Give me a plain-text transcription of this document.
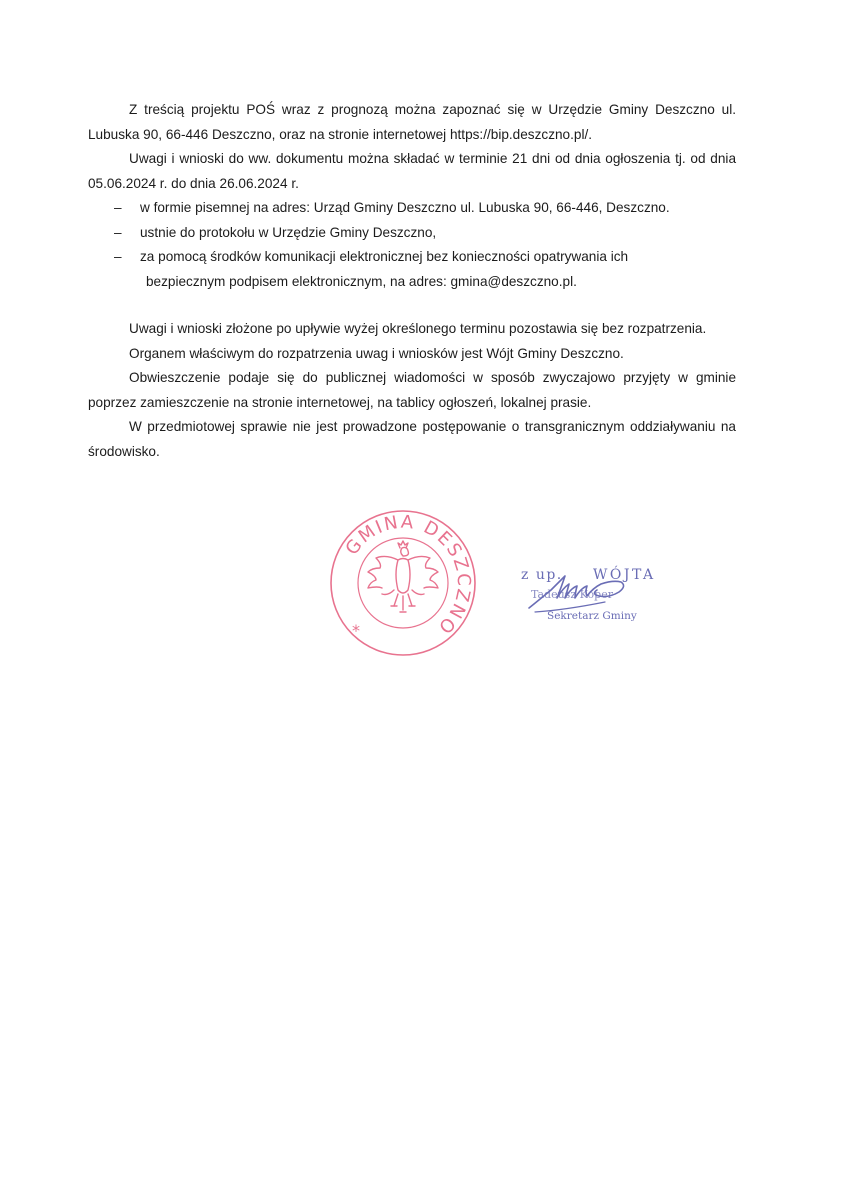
Z treścią projektu POŚ wraz z prognozą można zapoznać się w Urzędzie Gminy Deszczno ul. Lubuska 90, 66-446 Deszczno, oraz na stronie internetowej https://bip.deszczno.pl/.

Uwagi i wnioski do ww. dokumentu można składać w terminie 21 dni od dnia ogłoszenia tj. od dnia 05.06.2024 r. do dnia 26.06.2024 r.

– w formie pisemnej na adres: Urząd Gminy Deszczno ul. Lubuska 90, 66-446, Deszczno.
– ustnie do protokołu w Urzędzie Gminy Deszczno,
– za pomocą środków komunikacji elektronicznej bez konieczności opatrywania ich
bezpiecznym podpisem elektronicznym, na adres: gmina@deszczno.pl.

Uwagi i wnioski złożone po upływie wyżej określonego terminu pozostawia się bez rozpatrzenia.

Organem właściwym do rozpatrzenia uwag i wniosków jest Wójt Gminy Deszczno.

Obwieszczenie podaje się do publicznej wiadomości w sposób zwyczajowo przyjęty w gminie poprzez zamieszczenie na stronie internetowej, na tablicy ogłoszeń, lokalnej prasie.

W przedmiotowej sprawie nie jest prowadzone postępowanie o transgranicznym oddziaływaniu na środowisko.

GMINA DESZCZNO
*
z up. WÓJTA
Tadeusz Koper
Sekretarz Gminy
